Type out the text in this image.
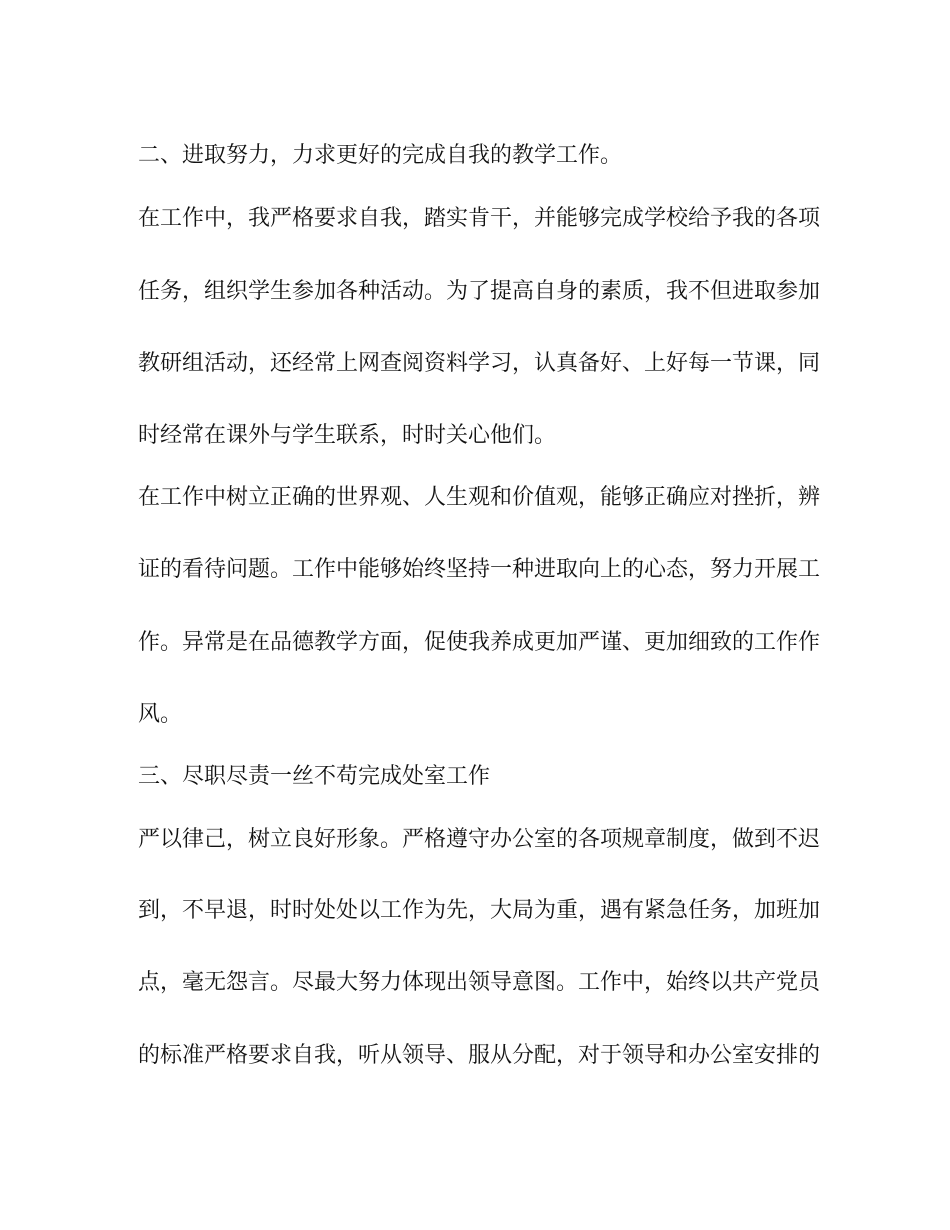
二、进取努力，力求更好的完成自我的教学工作。

在工作中，我严格要求自我，踏实肯干，并能够完成学校给予我的各项

任务，组织学生参加各种活动。为了提高自身的素质，我不但进取参加

教研组活动，还经常上网查阅资料学习，认真备好、上好每一节课，同

时经常在课外与学生联系，时时关心他们。

在工作中树立正确的世界观、人生观和价值观，能够正确应对挫折，辨

证的看待问题。工作中能够始终坚持一种进取向上的心态，努力开展工

作。异常是在品德教学方面，促使我养成更加严谨、更加细致的工作作

风。

三、尽职尽责一丝不苟完成处室工作

严以律己，树立良好形象。严格遵守办公室的各项规章制度，做到不迟

到，不早退，时时处处以工作为先，大局为重，遇有紧急任务，加班加

点，毫无怨言。尽最大努力体现出领导意图。工作中，始终以共产党员

的标准严格要求自我，听从领导、服从分配，对于领导和办公室安排的
